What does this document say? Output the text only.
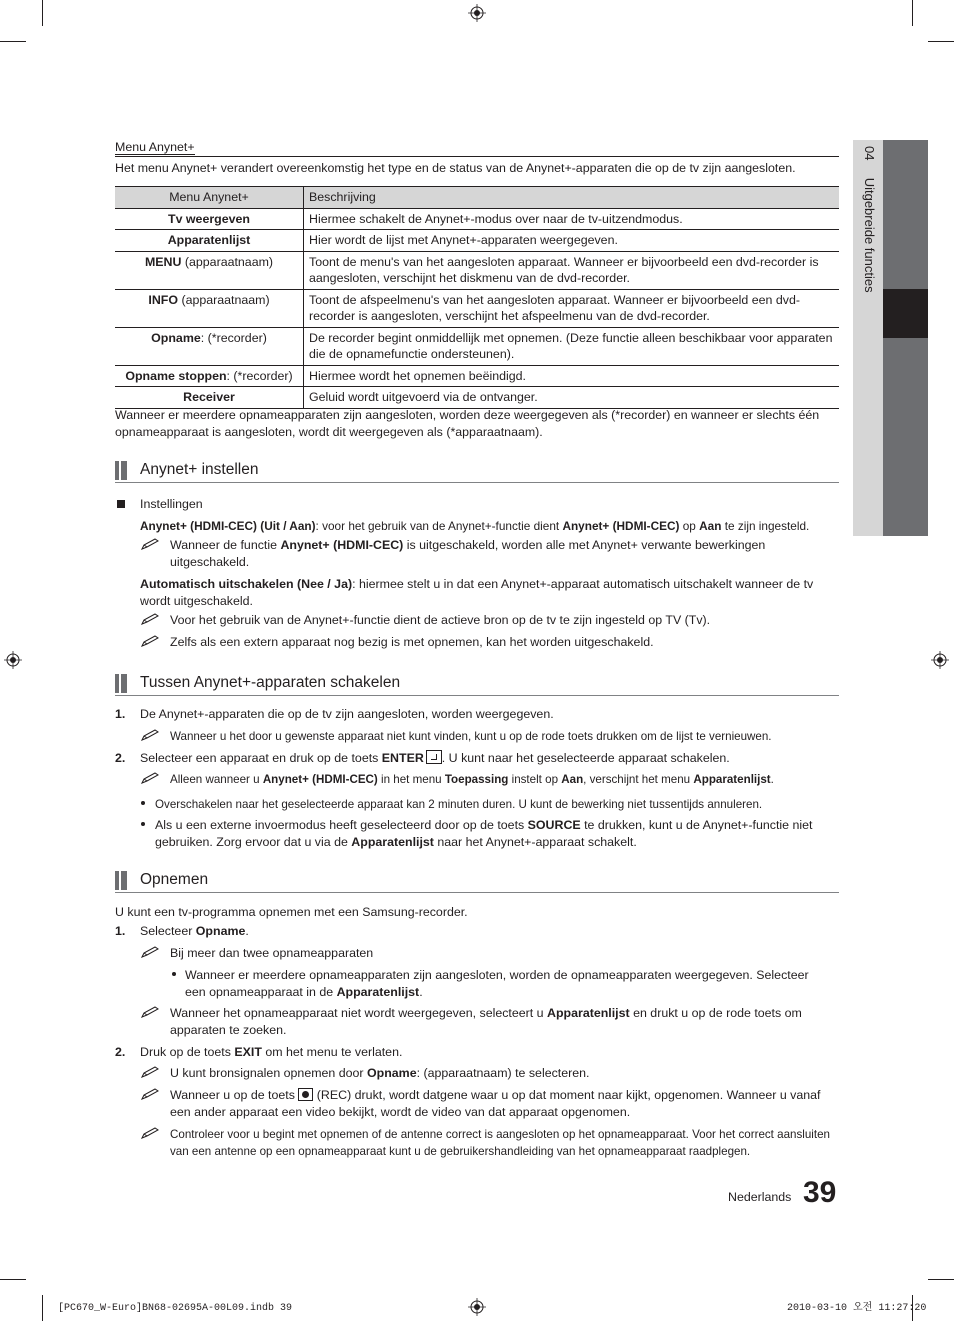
04  Uitgebreide functies
Menu Anynet+
Het menu Anynet+ verandert overeenkomstig het type en de status van de Anynet+-apparaten die op de tv zijn aangesloten.
Menu Anynet+	Beschrijving
Tv weergeven	Hiermee schakelt de Anynet+-modus over naar de tv-uitzendmodus.
Apparatenlijst	Hier wordt de lijst met Anynet+-apparaten weergegeven.
MENU (apparaatnaam)	Toont de menu's van het aangesloten apparaat. Wanneer er bijvoorbeeld een dvd-recorder is aangesloten, verschijnt het diskmenu van de dvd-recorder.
INFO (apparaatnaam)	Toont de afspeelmenu's van het aangesloten apparaat. Wanneer er bijvoorbeeld een dvd-recorder is aangesloten, verschijnt het afspeelmenu van de dvd-recorder.
Opname: (*recorder)	De recorder begint onmiddellijk met opnemen. (Deze functie alleen beschikbaar voor apparaten die de opnamefunctie ondersteunen).
Opname stoppen: (*recorder)	Hiermee wordt het opnemen beëindigd.
Receiver	Geluid wordt uitgevoerd via de ontvanger.
Wanneer er meerdere opnameapparaten zijn aangesloten, worden deze weergegeven als (*recorder) en wanneer er slechts één opnameapparaat is aangesloten, wordt dit weergegeven als (*apparaatnaam).
Anynet+ instellen
Instellingen
Anynet+ (HDMI-CEC) (Uit / Aan): voor het gebruik van de Anynet+-functie dient Anynet+ (HDMI-CEC) op Aan te zijn ingesteld.
Wanneer de functie Anynet+ (HDMI-CEC) is uitgeschakeld, worden alle met Anynet+ verwante bewerkingen uitgeschakeld.
Automatisch uitschakelen (Nee / Ja): hiermee stelt u in dat een Anynet+-apparaat automatisch uitschakelt wanneer de tv wordt uitgeschakeld.
Voor het gebruik van de Anynet+-functie dient de actieve bron op de tv te zijn ingesteld op TV (Tv).
Zelfs als een extern apparaat nog bezig is met opnemen, kan het worden uitgeschakeld.
Tussen Anynet+-apparaten schakelen
1. De Anynet+-apparaten die op de tv zijn aangesloten, worden weergegeven.
Wanneer u het door u gewenste apparaat niet kunt vinden, kunt u op de rode toets drukken om de lijst te vernieuwen.
2. Selecteer een apparaat en druk op de toets ENTER . U kunt naar het geselecteerde apparaat schakelen.
Alleen wanneer u Anynet+ (HDMI-CEC) in het menu Toepassing instelt op Aan, verschijnt het menu Apparatenlijst.
Overschakelen naar het geselecteerde apparaat kan 2 minuten duren. U kunt de bewerking niet tussentijds annuleren.
Als u een externe invoermodus heeft geselecteerd door op de toets SOURCE te drukken, kunt u de Anynet+-functie niet gebruiken. Zorg ervoor dat u via de Apparatenlijst naar het Anynet+-apparaat schakelt.
Opnemen
U kunt een tv-programma opnemen met een Samsung-recorder.
1. Selecteer Opname.
Bij meer dan twee opnameapparaten
Wanneer er meerdere opnameapparaten zijn aangesloten, worden de opnameapparaten weergegeven. Selecteer een opnameapparaat in de Apparatenlijst.
Wanneer het opnameapparaat niet wordt weergegeven, selecteert u Apparatenlijst en drukt u op de rode toets om apparaten te zoeken.
2. Druk op de toets EXIT om het menu te verlaten.
U kunt bronsignalen opnemen door Opname: (apparaatnaam) te selecteren.
Wanneer u op de toets  (REC) drukt, wordt datgene waar u op dat moment naar kijkt, opgenomen. Wanneer u vanaf een ander apparaat een video bekijkt, wordt de video van dat apparaat opgenomen.
Controleer voor u begint met opnemen of de antenne correct is aangesloten op het opnameapparaat. Voor het correct aansluiten van een antenne op een opnameapparaat kunt u de gebruikershandleiding van het opnameapparaat raadplegen.
Nederlands 39
[PC670_W-Euro]BN68-02695A-00L09.indb 39	2010-03-10 오전 11:27:20
